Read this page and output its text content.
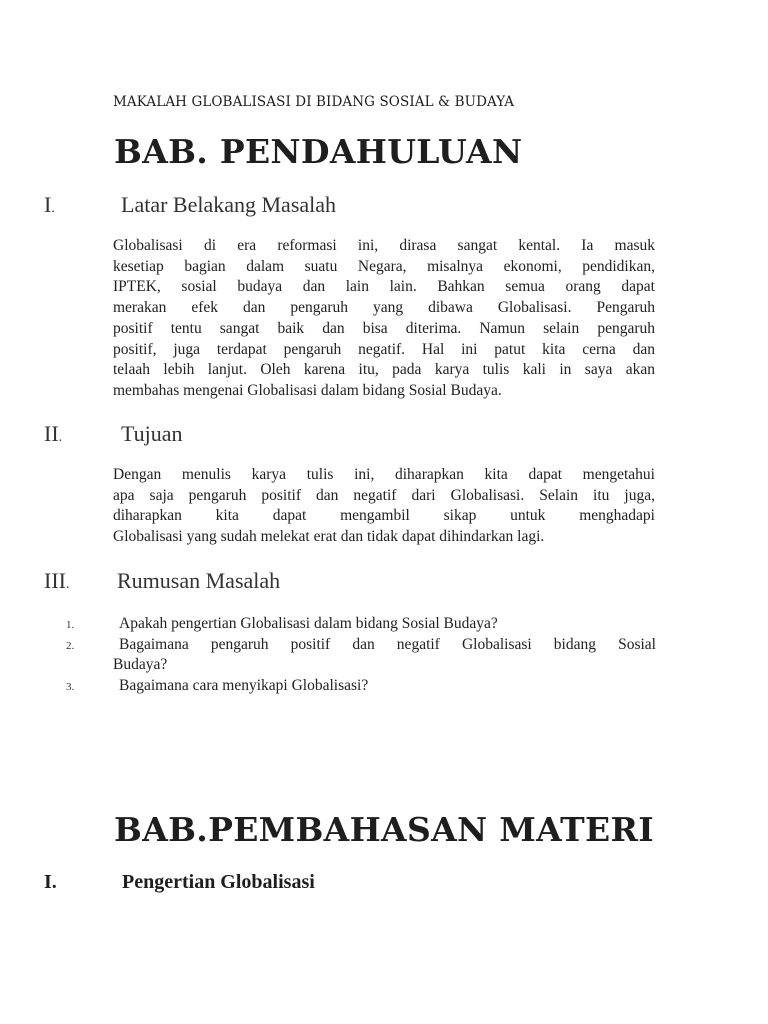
MAKALAH GLOBALISASI DI BIDANG SOSIAL & BUDAYA
BAB. PENDAHULUAN
I.	Latar Belakang Masalah
Globalisasi di era reformasi ini, dirasa sangat kental. Ia masuk
kesetiap bagian dalam suatu Negara, misalnya ekonomi, pendidikan,
IPTEK, sosial budaya dan lain lain. Bahkan semua orang dapat
merakan efek dan pengaruh yang dibawa Globalisasi. Pengaruh
positif tentu sangat baik dan bisa diterima. Namun selain pengaruh
positif, juga terdapat pengaruh negatif. Hal ini patut kita cerna dan
telaah lebih lanjut. Oleh karena itu, pada karya tulis kali in saya akan
membahas mengenai Globalisasi dalam bidang Sosial Budaya.
II.	Tujuan
Dengan menulis karya tulis ini, diharapkan kita dapat mengetahui
apa saja pengaruh positif dan negatif dari Globalisasi. Selain itu juga,
diharapkan kita dapat mengambil sikap untuk menghadapi
Globalisasi yang sudah melekat erat dan tidak dapat dihindarkan lagi.
III. Rumusan Masalah
1.	Apakah pengertian Globalisasi dalam bidang Sosial Budaya?
2.	Bagaimana pengaruh positif dan negatif Globalisasi bidang Sosial
Budaya?
3.	Bagaimana cara menyikapi Globalisasi?
BAB.PEMBAHASAN MATERI
I.	Pengertian Globalisasi
